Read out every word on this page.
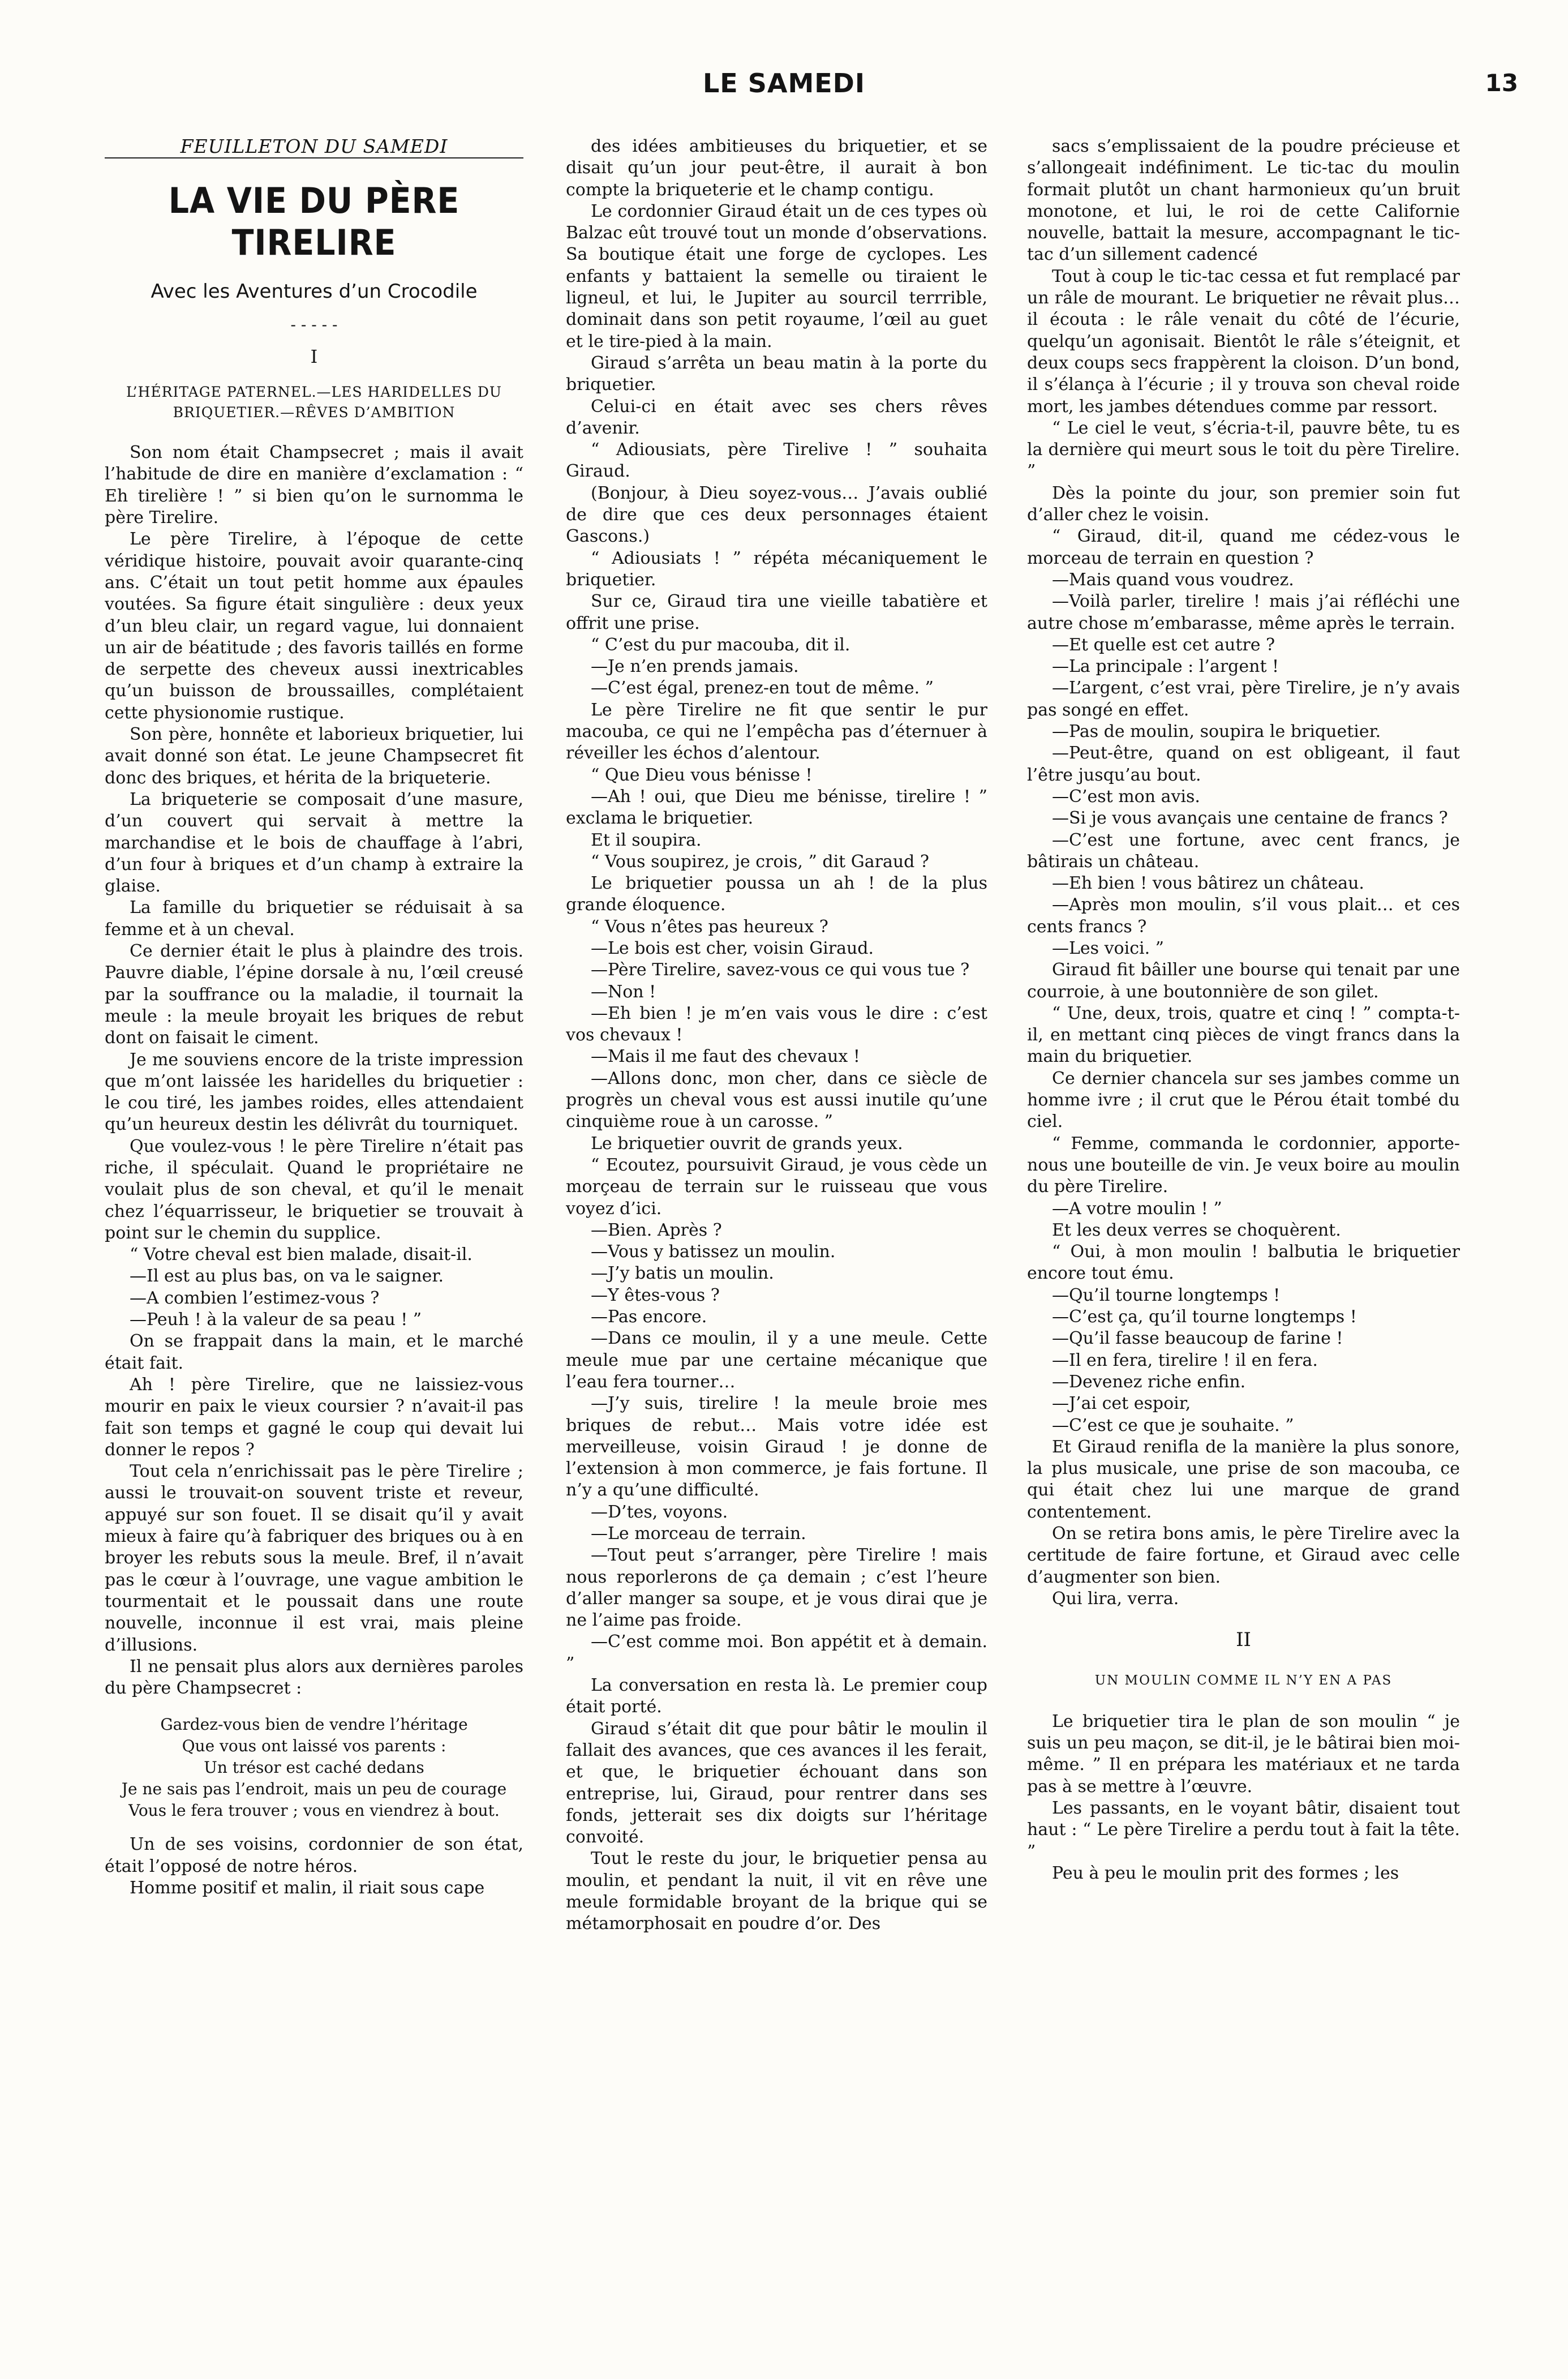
LE SAMEDI	13

FEUILLETON DU SAMEDI

LA VIE DU PÈRE TIRELIRE
Avec les Aventures d’un Crocodile
- - - - -
I
L’HÉRITAGE PATERNEL.—LES HARIDELLES DU BRIQUETIER.—RÊVES D’AMBITION

Son nom était Champsecret ; mais il avait l’habitude de dire en manière d’exclamation : “ Eh tirelière ! ” si bien qu’on le surnomma le père Tirelire.

Le père Tirelire, à l’époque de cette véridique histoire, pouvait avoir quarante-cinq ans. C’était un tout petit homme aux épaules voutées. Sa figure était singulière : deux yeux d’un bleu clair, un regard vague, lui donnaient un air de béatitude ; des favoris taillés en forme de serpette des cheveux aussi inextricables qu’un buisson de broussailles, complétaient cette physionomie rustique.

Son père, honnête et laborieux briquetier, lui avait donné son état. Le jeune Champsecret fit donc des briques, et hérita de la briqueterie.

La briqueterie se composait d’une masure, d’un couvert qui servait à mettre la marchandise et le bois de chauffage à l’abri, d’un four à briques et d’un champ à extraire la glaise.

La famille du briquetier se réduisait à sa femme et à un cheval.

Ce dernier était le plus à plaindre des trois. Pauvre diable, l’épine dorsale à nu, l’œil creusé par la souffrance ou la maladie, il tournait la meule : la meule broyait les briques de rebut dont on faisait le ciment.

Je me souviens encore de la triste impression que m’ont laissée les haridelles du briquetier : le cou tiré, les jambes roides, elles attendaient qu’un heureux destin les délivrât du tourniquet.

Que voulez-vous ! le père Tirelire n’était pas riche, il spéculait. Quand le propriétaire ne voulait plus de son cheval, et qu’il le menait chez l’équarrisseur, le briquetier se trouvait à point sur le chemin du supplice.

“ Votre cheval est bien malade, disait-il.

—Il est au plus bas, on va le saigner.

—A combien l’estimez-vous ?

—Peuh ! à la valeur de sa peau ! ”

On se frappait dans la main, et le marché était fait.

Ah ! père Tirelire, que ne laissiez-vous mourir en paix le vieux coursier ? n’avait-il pas fait son temps et gagné le coup qui devait lui donner le repos ?

Tout cela n’enrichissait pas le père Tirelire ; aussi le trouvait-on souvent triste et reveur, appuyé sur son fouet. Il se disait qu’il y avait mieux à faire qu’à fabriquer des briques ou à en broyer les rebuts sous la meule. Bref, il n’avait pas le cœur à l’ouvrage, une vague ambition le tourmentait et le poussait dans une route nouvelle, inconnue il est vrai, mais pleine d’illusions.

Il ne pensait plus alors aux dernières paroles du père Champsecret :

Gardez-vous bien de vendre l’héritage
Que vous ont laissé vos parents :
Un trésor est caché dedans
Je ne sais pas l’endroit, mais un peu de courage
Vous le fera trouver ; vous en viendrez à bout.

Un de ses voisins, cordonnier de son état, était l’opposé de notre héros.

Homme positif et malin, il riait sous cape

des idées ambitieuses du briquetier, et se disait qu’un jour peut-être, il aurait à bon compte la briqueterie et le champ contigu.

Le cordonnier Giraud était un de ces types où Balzac eût trouvé tout un monde d’observations. Sa boutique était une forge de cyclopes. Les enfants y battaient la semelle ou tiraient le ligneul, et lui, le Jupiter au sourcil terrrible, dominait dans son petit royaume, l’œil au guet et le tire-pied à la main.

Giraud s’arrêta un beau matin à la porte du briquetier.

Celui-ci en était avec ses chers rêves d’avenir.

“ Adiousiats, père Tirelive ! ” souhaita Giraud.

(Bonjour, à Dieu soyez-vous… J’avais oublié de dire que ces deux personnages étaient Gascons.)

“ Adiousiats ! ” répéta mécaniquement le briquetier.

Sur ce, Giraud tira une vieille tabatière et offrit une prise.

“ C’est du pur macouba, dit il.

—Je n’en prends jamais.

—C’est égal, prenez-en tout de même. ”

Le père Tirelire ne fit que sentir le pur macouba, ce qui ne l’empêcha pas d’éternuer à réveiller les échos d’alentour.

“ Que Dieu vous bénisse !

—Ah ! oui, que Dieu me bénisse, tirelire ! ” exclama le briquetier.

Et il soupira.

“ Vous soupirez, je crois, ” dit Garaud ?

Le briquetier poussa un ah ! de la plus grande éloquence.

“ Vous n’êtes pas heureux ?

—Le bois est cher, voisin Giraud.

—Père Tirelire, savez-vous ce qui vous tue ?

—Non !

—Eh bien ! je m’en vais vous le dire : c’est vos chevaux !

—Mais il me faut des chevaux !

—Allons donc, mon cher, dans ce siècle de progrès un cheval vous est aussi inutile qu’une cinquième roue à un carosse. ”

Le briquetier ouvrit de grands yeux.

“ Ecoutez, poursuivit Giraud, je vous cède un morçeau de terrain sur le ruisseau que vous voyez d’ici.

—Bien. Après ?

—Vous y batissez un moulin.

—J’y batis un moulin.

—Y êtes-vous ?

—Pas encore.

—Dans ce moulin, il y a une meule. Cette meule mue par une certaine mécanique que l’eau fera tourner…

—J’y suis, tirelire ! la meule broie mes briques de rebut… Mais votre idée est merveilleuse, voisin Giraud ! je donne de l’extension à mon commerce, je fais fortune. Il n’y a qu’une difficulté.

—D’tes, voyons.

—Le morceau de terrain.

—Tout peut s’arranger, père Tirelire ! mais nous reporlerons de ça demain ; c’est l’heure d’aller manger sa soupe, et je vous dirai que je ne l’aime pas froide.

—C’est comme moi. Bon appétit et à demain. ”

La conversation en resta là. Le premier coup était porté.

Giraud s’était dit que pour bâtir le moulin il fallait des avances, que ces avances il les ferait, et que, le briquetier échouant dans son entreprise, lui, Giraud, pour rentrer dans ses fonds, jetterait ses dix doigts sur l’héritage convoité.

Tout le reste du jour, le briquetier pensa au moulin, et pendant la nuit, il vit en rêve une meule formidable broyant de la brique qui se métamorphosait en poudre d’or. Des

sacs s’emplissaient de la poudre précieuse et s’allongeait indéfiniment. Le tic-tac du moulin formait plutôt un chant harmonieux qu’un bruit monotone, et lui, le roi de cette Californie nouvelle, battait la mesure, accompagnant le tic-tac d’un sillement cadencé

Tout à coup le tic-tac cessa et fut remplacé par un râle de mourant. Le briquetier ne rêvait plus… il écouta : le râle venait du côté de l’écurie, quelqu’un agonisait. Bientôt le râle s’éteignit, et deux coups secs frappèrent la cloison. D’un bond, il s’élança à l’écurie ; il y trouva son cheval roide mort, les jambes détendues comme par ressort.

“ Le ciel le veut, s’écria-t-il, pauvre bête, tu es la dernière qui meurt sous le toit du père Tirelire. ”

Dès la pointe du jour, son premier soin fut d’aller chez le voisin.

“ Giraud, dit-il, quand me cédez-vous le morceau de terrain en question ?

—Mais quand vous voudrez.

—Voilà parler, tirelire ! mais j’ai réfléchi une autre chose m’embarasse, même après le terrain.

—Et quelle est cet autre ?

—La principale : l’argent !

—L’argent, c’est vrai, père Tirelire, je n’y avais pas songé en effet.

—Pas de moulin, soupira le briquetier.

—Peut-être, quand on est obligeant, il faut l’être jusqu’au bout.

—C’est mon avis.

—Si je vous avançais une centaine de francs ?

—C’est une fortune, avec cent francs, je bâtirais un château.

—Eh bien ! vous bâtirez un château.

—Après mon moulin, s’il vous plait… et ces cents francs ?

—Les voici. ”

Giraud fit bâiller une bourse qui tenait par une courroie, à une boutonnière de son gilet.

“ Une, deux, trois, quatre et cinq ! ” compta-t-il, en mettant cinq pièces de vingt francs dans la main du briquetier.

Ce dernier chancela sur ses jambes comme un homme ivre ; il crut que le Pérou était tombé du ciel.

“ Femme, commanda le cordonnier, apporte-nous une bouteille de vin. Je veux boire au moulin du père Tirelire.

—A votre moulin ! ”

Et les deux verres se choquèrent.

“ Oui, à mon moulin ! balbutia le briquetier encore tout ému.

—Qu’il tourne longtemps !

—C’est ça, qu’il tourne longtemps !

—Qu’il fasse beaucoup de farine !

—Il en fera, tirelire ! il en fera.

—Devenez riche enfin.

—J’ai cet espoir,

—C’est ce que je souhaite. ”

Et Giraud renifla de la manière la plus sonore, la plus musicale, une prise de son macouba, ce qui était chez lui une marque de grand contentement.

On se retira bons amis, le père Tirelire avec la certitude de faire fortune, et Giraud avec celle d’augmenter son bien.

Qui lira, verra.

II
UN MOULIN COMME IL N’Y EN A PAS

Le briquetier tira le plan de son moulin “ je suis un peu maçon, se dit-il, je le bâtirai bien moi-même. ” Il en prépara les matériaux et ne tarda pas à se mettre à l’œuvre.

Les passants, en le voyant bâtir, disaient tout haut : “ Le père Tirelire a perdu tout à fait la tête. ”

Peu à peu le moulin prit des formes ; les
